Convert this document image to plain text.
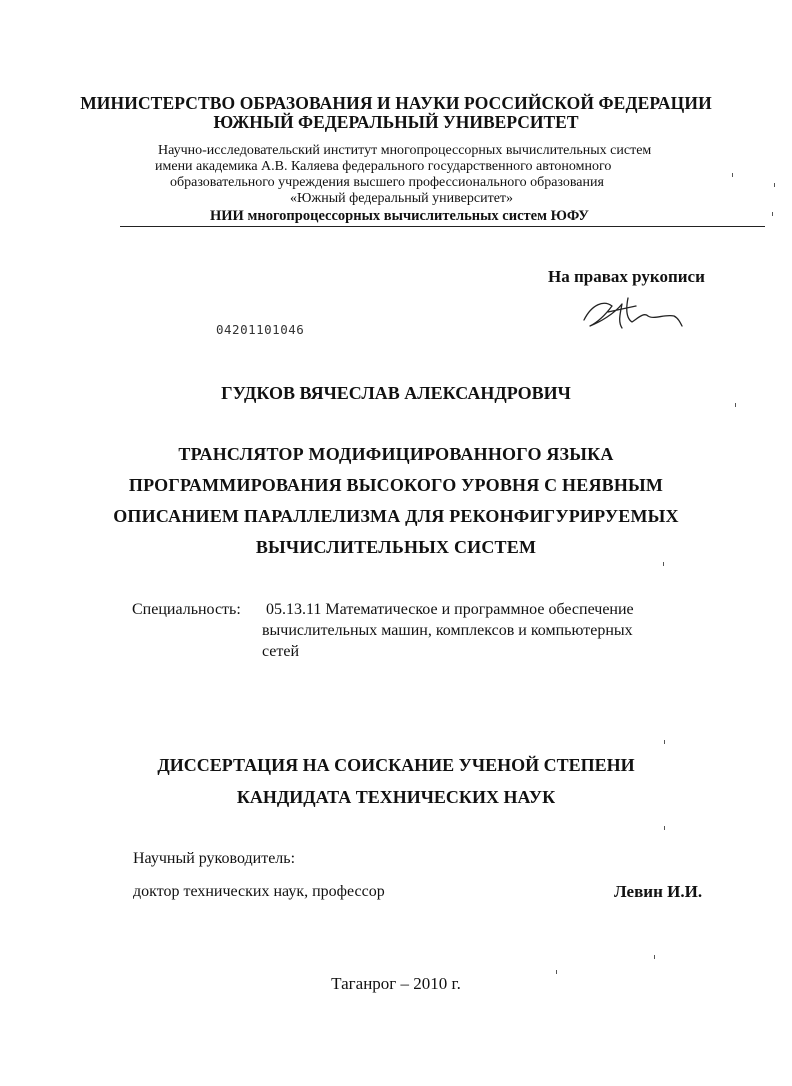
МИНИСТЕРСТВО ОБРАЗОВАНИЯ И НАУКИ РОССИЙСКОЙ ФЕДЕРАЦИИ
ЮЖНЫЙ ФЕДЕРАЛЬНЫЙ УНИВЕРСИТЕТ
Научно-исследовательский институт многопроцессорных вычислительных систем
имени академика А.В. Каляева федерального государственного автономного
образовательного учреждения высшего профессионального образования
«Южный федеральный университет»
НИИ многопроцессорных вычислительных систем ЮФУ
На правах рукописи
04201101046
ГУДКОВ ВЯЧЕСЛАВ АЛЕКСАНДРОВИЧ
ТРАНСЛЯТОР МОДИФИЦИРОВАННОГО ЯЗЫКА
ПРОГРАММИРОВАНИЯ ВЫСОКОГО УРОВНЯ С НЕЯВНЫМ
ОПИСАНИЕМ ПАРАЛЛЕЛИЗМА ДЛЯ РЕКОНФИГУРИРУЕМЫХ
ВЫЧИСЛИТЕЛЬНЫХ СИСТЕМ
Специальность: 05.13.11 Математическое и программное обеспечение
вычислительных машин, комплексов и компьютерных
сетей
ДИССЕРТАЦИЯ НА СОИСКАНИЕ УЧЕНОЙ СТЕПЕНИ
КАНДИДАТА ТЕХНИЧЕСКИХ НАУК
Научный руководитель:
доктор технических наук, профессор	Левин И.И.
Таганрог – 2010 г.
